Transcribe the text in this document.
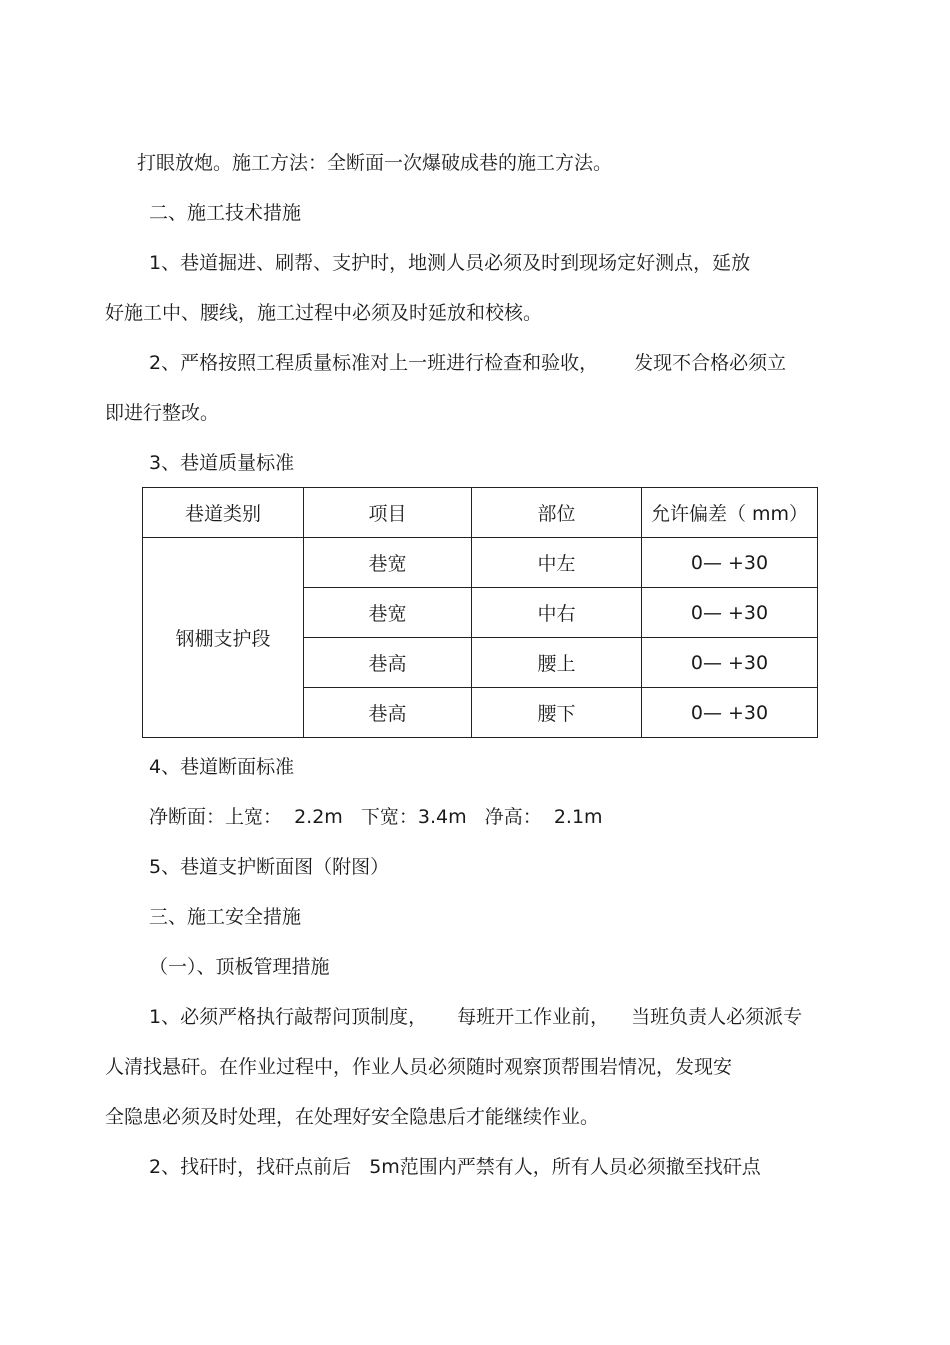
打眼放炮。施工方法：全断面一次爆破成巷的施工方法。
二、施工技术措施
1、巷道掘进、刷帮、支护时，地测人员必须及时到现场定好测点，延放
好施工中、腰线，施工过程中必须及时延放和校核。
2、严格按照工程质量标准对上一班进行检查和验收， 发现不合格必须立
即进行整改。
3、巷道质量标准
巷道类别	项目	部位	允许偏差（ mm）
钢棚支护段	巷宽	中左	0— +30
	巷宽	中右	0— +30
	巷高	腰上	0— +30
	巷高	腰下	0— +30
4、巷道断面标准
净断面：上宽：  2.2m   下宽：3.4m   净高：  2.1m
5、巷道支护断面图（附图）
三、施工安全措施
（一）、顶板管理措施
1、必须严格执行敲帮问顶制度， 每班开工作业前， 当班负责人必须派专
人清找悬矸。在作业过程中，作业人员必须随时观察顶帮围岩情况，发现安
全隐患必须及时处理，在处理好安全隐患后才能继续作业。
2、找矸时，找矸点前后   5m范围内严禁有人，所有人员必须撤至找矸点
